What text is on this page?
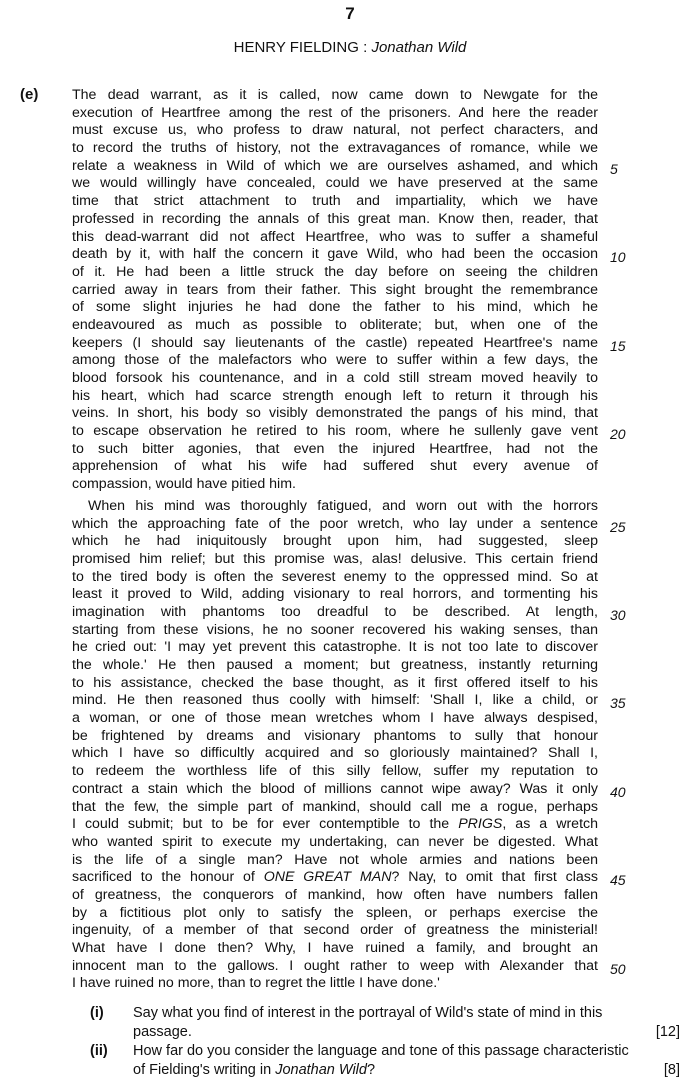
7
HENRY FIELDING : Jonathan Wild
(e) The dead warrant, as it is called, now came down to Newgate for the
execution of Heartfree among the rest of the prisoners. And here the reader
must excuse us, who profess to draw natural, not perfect characters, and
to record the truths of history, not the extravagances of romance, while we
relate a weakness in Wild of which we are ourselves ashamed, and which 5
we would willingly have concealed, could we have preserved at the same
time that strict attachment to truth and impartiality, which we have
professed in recording the annals of this great man. Know then, reader, that
this dead-warrant did not affect Heartfree, who was to suffer a shameful
death by it, with half the concern it gave Wild, who had been the occasion 10
of it. He had been a little struck the day before on seeing the children
carried away in tears from their father. This sight brought the remembrance
of some slight injuries he had done the father to his mind, which he
endeavoured as much as possible to obliterate; but, when one of the
keepers (I should say lieutenants of the castle) repeated Heartfree's name 15
among those of the malefactors who were to suffer within a few days, the
blood forsook his countenance, and in a cold still stream moved heavily to
his heart, which had scarce strength enough left to return it through his
veins. In short, his body so visibly demonstrated the pangs of his mind, that
to escape observation he retired to his room, where he sullenly gave vent 20
to such bitter agonies, that even the injured Heartfree, had not the
apprehension of what his wife had suffered shut every avenue of
compassion, would have pitied him.
When his mind was thoroughly fatigued, and worn out with the horrors
which the approaching fate of the poor wretch, who lay under a sentence 25
which he had iniquitously brought upon him, had suggested, sleep
promised him relief; but this promise was, alas! delusive. This certain friend
to the tired body is often the severest enemy to the oppressed mind. So at
least it proved to Wild, adding visionary to real horrors, and tormenting his
imagination with phantoms too dreadful to be described. At length, 30
starting from these visions, he no sooner recovered his waking senses, than
he cried out: 'I may yet prevent this catastrophe. It is not too late to discover
the whole.' He then paused a moment; but greatness, instantly returning
to his assistance, checked the base thought, as it first offered itself to his
mind. He then reasoned thus coolly with himself: 'Shall I, like a child, or 35
a woman, or one of those mean wretches whom I have always despised,
be frightened by dreams and visionary phantoms to sully that honour
which I have so difficultly acquired and so gloriously maintained? Shall I,
to redeem the worthless life of this silly fellow, suffer my reputation to
contract a stain which the blood of millions cannot wipe away? Was it only 40
that the few, the simple part of mankind, should call me a rogue, perhaps
I could submit; but to be for ever contemptible to the PRIGS, as a wretch
who wanted spirit to execute my undertaking, can never be digested. What
is the life of a single man? Have not whole armies and nations been
sacrificed to the honour of ONE GREAT MAN? Nay, to omit that first class 45
of greatness, the conquerors of mankind, how often have numbers fallen
by a fictitious plot only to satisfy the spleen, or perhaps exercise the
ingenuity, of a member of that second order of greatness the ministerial!
What have I done then? Why, I have ruined a family, and brought an
innocent man to the gallows. I ought rather to weep with Alexander that 50
I have ruined no more, than to regret the little I have done.'
(i) Say what you find of interest in the portrayal of Wild's state of mind in this
passage.	[12]
(ii) How far do you consider the language and tone of this passage characteristic
of Fielding's writing in Jonathan Wild?	[8]
